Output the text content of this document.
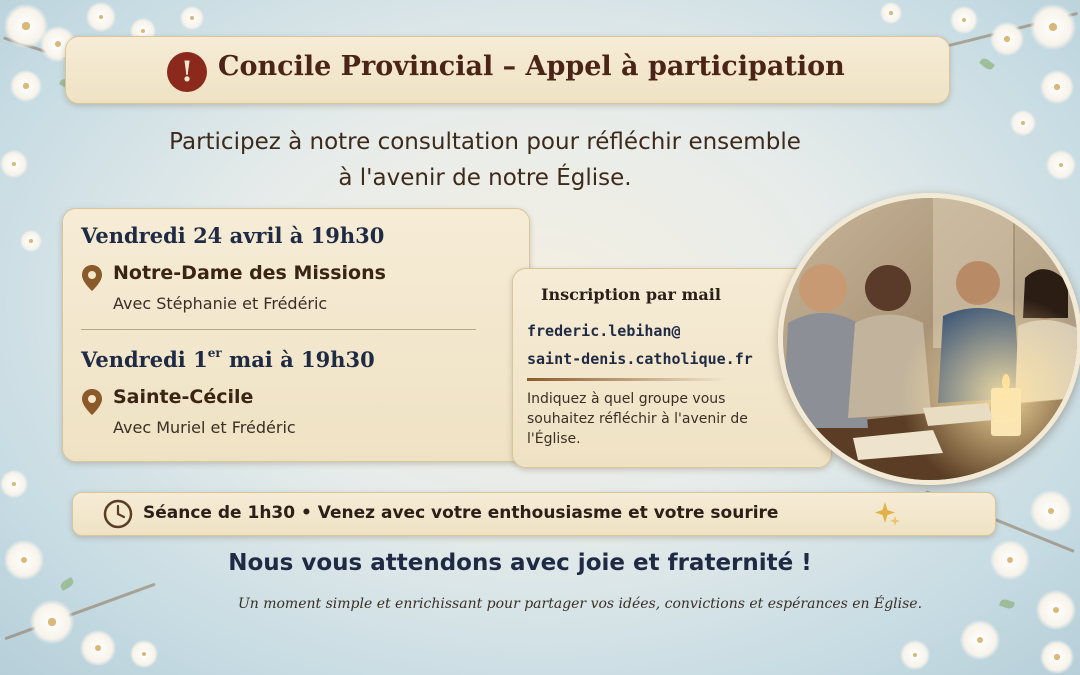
! Concile Provincial – Appel à participation
Participez à notre consultation pour réfléchir ensemble
à l'avenir de notre Église.
Vendredi 24 avril à 19h30
Notre-Dame des Missions
Avec Stéphanie et Frédéric
Vendredi 1er mai à 19h30
Sainte-Cécile
Avec Muriel et Frédéric
Inscription par mail
frederic.lebihan@
saint-denis.catholique.fr
Indiquez à quel groupe vous souhaitez réfléchir à l'avenir de l'Église.
Séance de 1h30 • Venez avec votre enthousiasme et votre sourire
Nous vous attendons avec joie et fraternité !
Un moment simple et enrichissant pour partager vos idées, convictions et espérances en Église.
